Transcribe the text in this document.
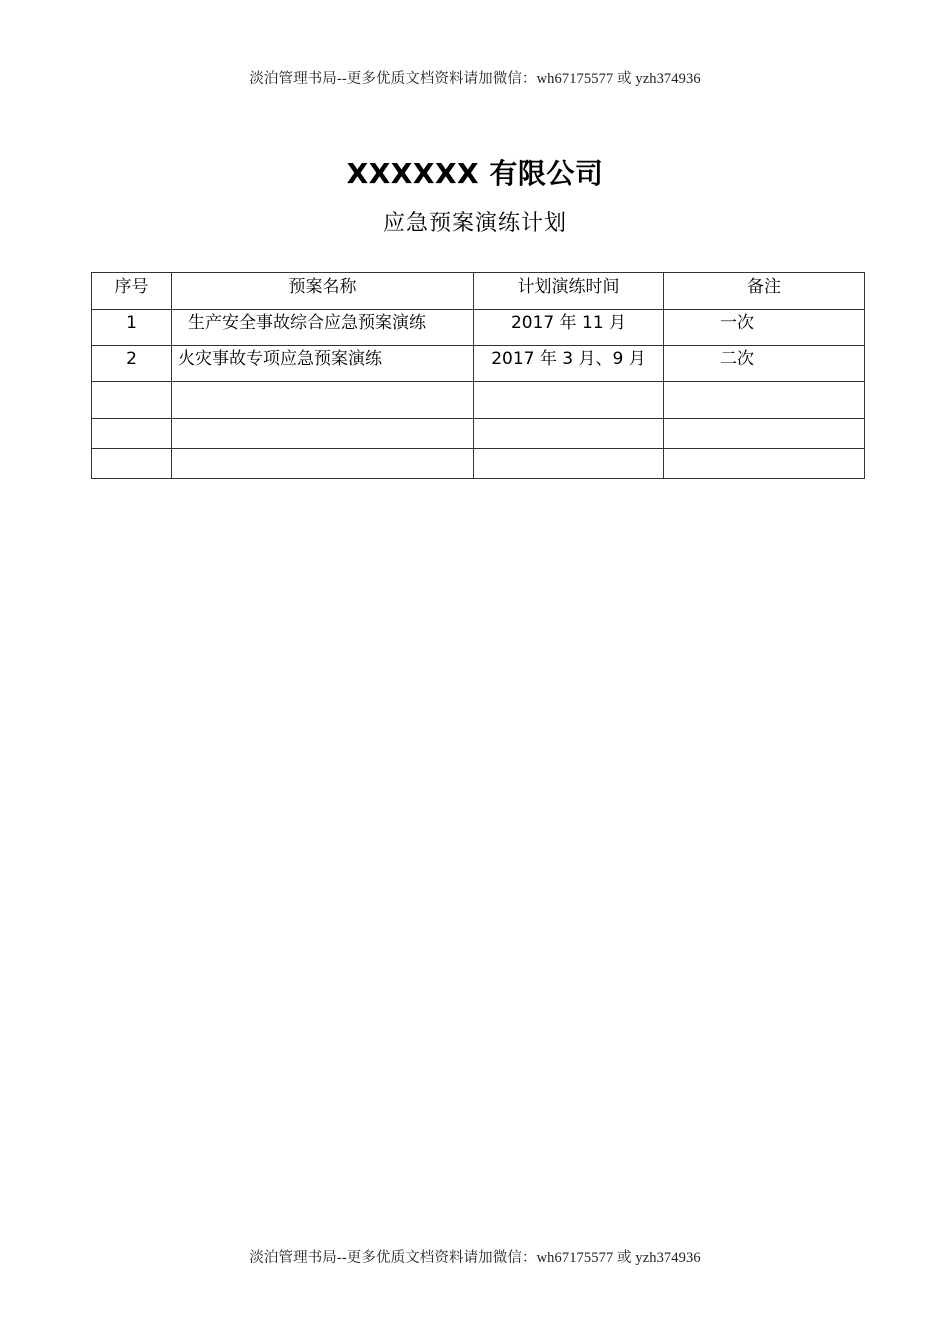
淡泊管理书局--更多优质文档资料请加微信：wh67175577 或 yzh374936
XXXXXX 有限公司
应急预案演练计划
序号	预案名称	计划演练时间	备注
1	生产安全事故综合应急预案演练	2017 年 11 月	一次
2	火灾事故专项应急预案演练	2017 年 3 月、9 月	二次

淡泊管理书局--更多优质文档资料请加微信：wh67175577 或 yzh374936
